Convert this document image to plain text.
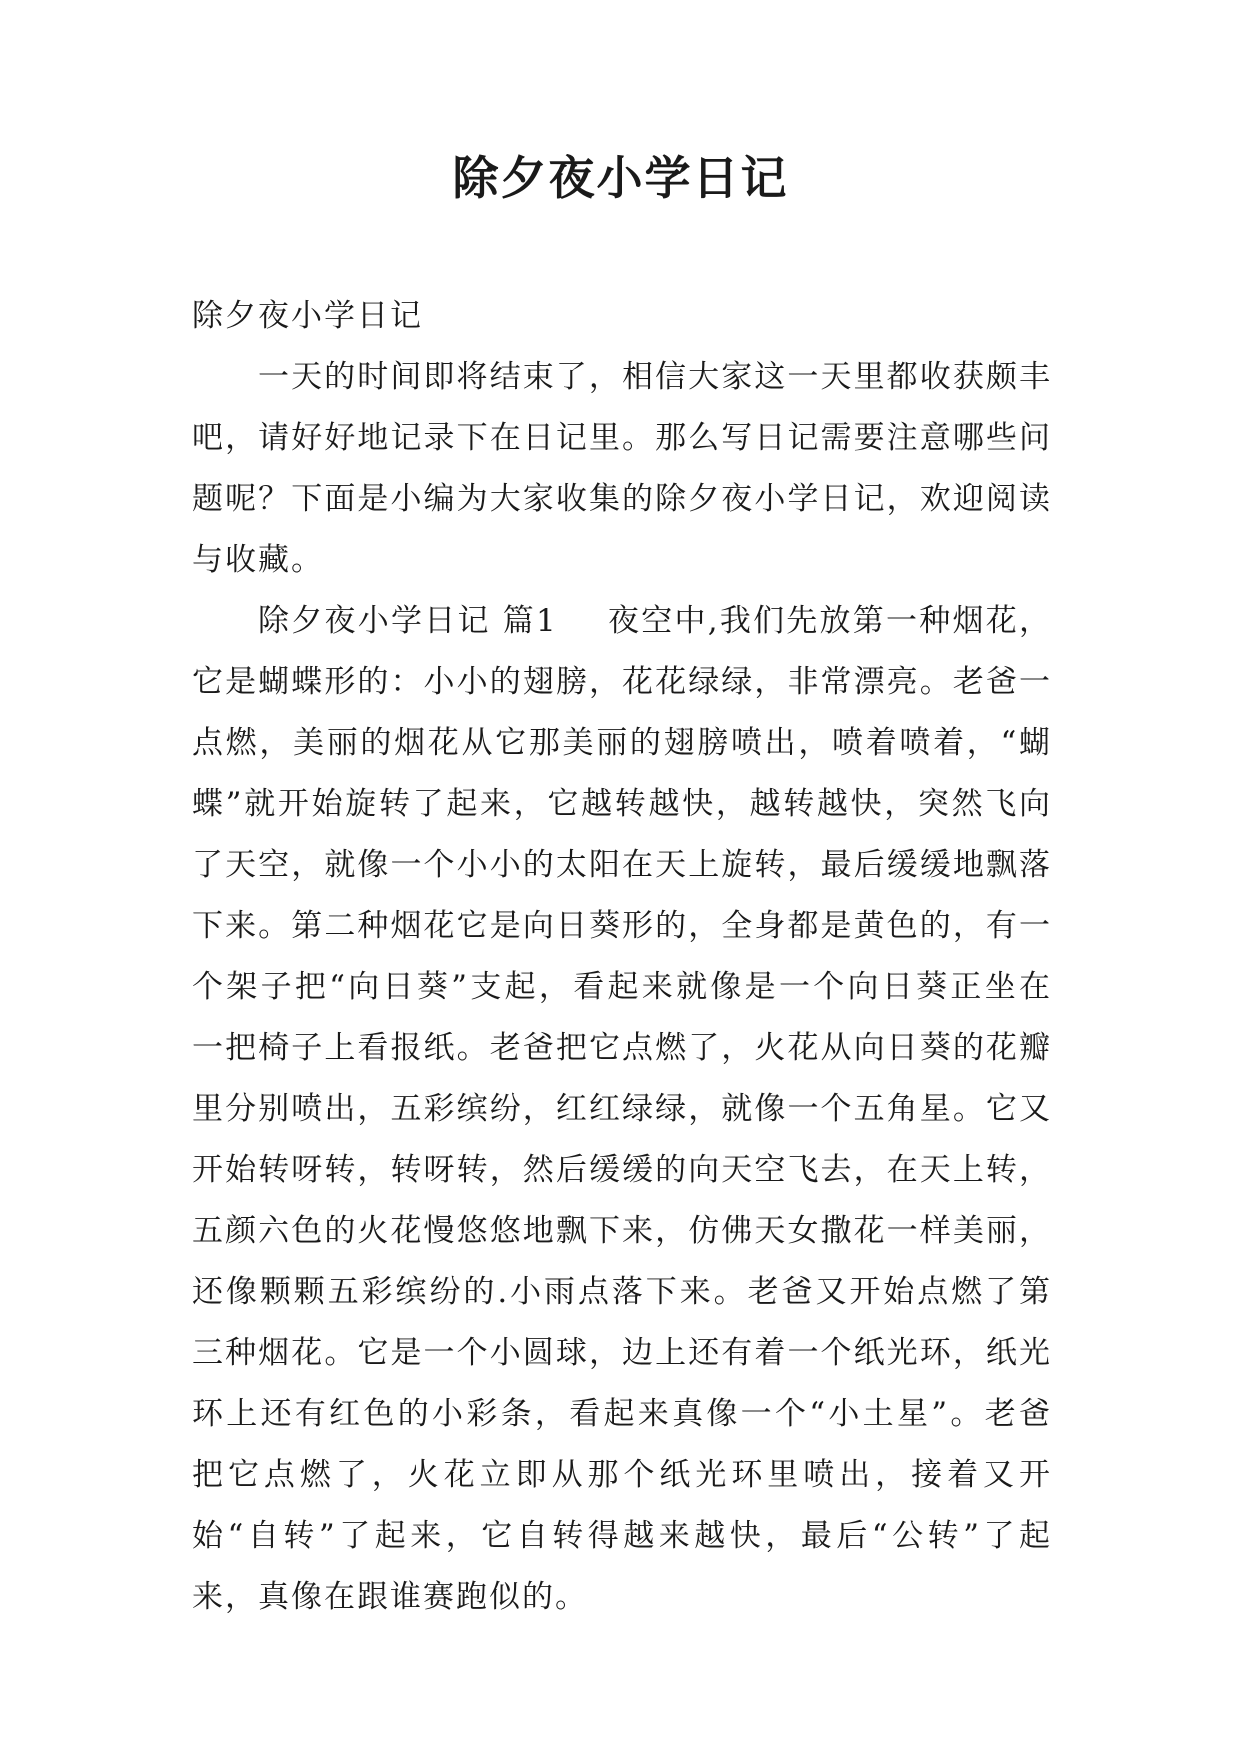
除夕夜小学日记

除夕夜小学日记

一天的时间即将结束了，相信大家这一天里都收获颇丰吧，请好好地记录下在日记里。那么写日记需要注意哪些问题呢？下面是小编为大家收集的除夕夜小学日记，欢迎阅读与收藏。

除夕夜小学日记 篇1 夜空中,我们先放第一种烟花，它是蝴蝶形的：小小的翅膀，花花绿绿，非常漂亮。老爸一点燃，美丽的烟花从它那美丽的翅膀喷出，喷着喷着，“蝴蝶”就开始旋转了起来，它越转越快，越转越快，突然飞向了天空，就像一个小小的太阳在天上旋转，最后缓缓地飘落下来。第二种烟花它是向日葵形的，全身都是黄色的，有一个架子把“向日葵”支起，看起来就像是一个向日葵正坐在一把椅子上看报纸。老爸把它点燃了，火花从向日葵的花瓣里分别喷出，五彩缤纷，红红绿绿，就像一个五角星。它又开始转呀转，转呀转，然后缓缓的向天空飞去，在天上转，五颜六色的火花慢悠悠地飘下来，仿佛天女撒花一样美丽，还像颗颗五彩缤纷的.小雨点落下来。老爸又开始点燃了第三种烟花。它是一个小圆球，边上还有着一个纸光环，纸光环上还有红色的小彩条，看起来真像一个“小土星”。老爸把它点燃了，火花立即从那个纸光环里喷出，接着又开始“自转”了起来，它自转得越来越快，最后“公转”了起来，真像在跟谁赛跑似的。
